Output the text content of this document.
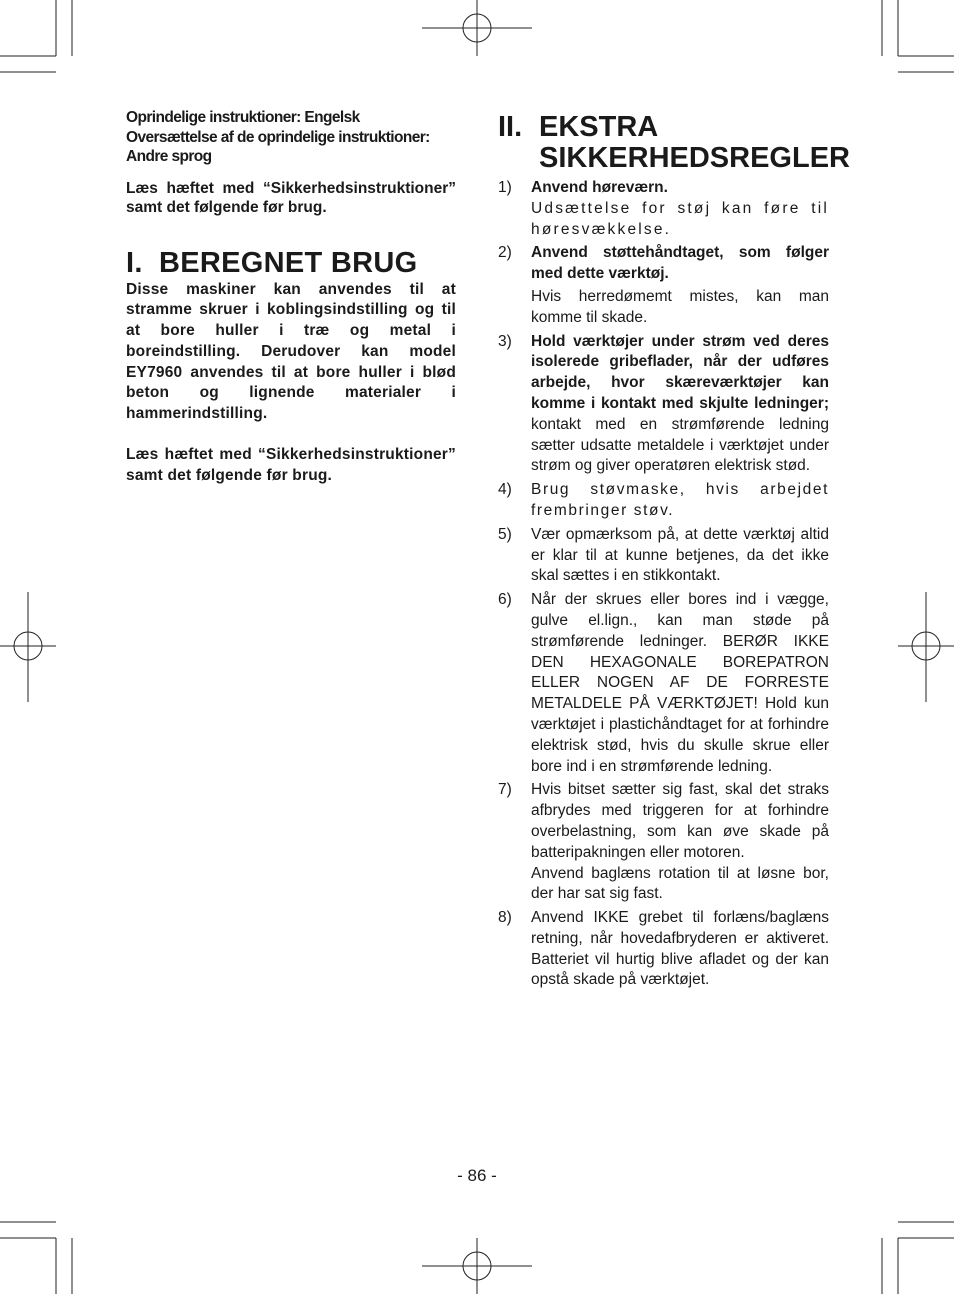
Oprindelige instruktioner: Engelsk

Oversættelse af de oprindelige instruktioner:

Andre sprog

Læs hæftet med “Sikkerhedsinstruktioner” samt det følgende før brug.

I. BEREGNET BRUG

Disse maskiner kan anvendes til at stramme skruer i koblingsindstilling og til at bore huller i træ og metal i boreindstilling. Derudover kan model EY7960 anvendes til at bore huller i blød beton og lignende materialer i hammerindstilling.

Læs hæftet med “Sikkerhedsinstruktioner” samt det følgende før brug.

II. EKSTRA
SIKKERHEDSREGLER
1)	Anvend høreværn.
Udsættelse for støj kan føre til høresvækkelse.
2)	Anvend støttehåndtaget, som følger med dette værktøj.
Hvis herredømemt mistes, kan man komme til skade.
3)	Hold værktøjer under strøm ved deres isolerede gribeflader, når der udføres arbejde, hvor skæreværktøjer kan komme i kontakt med skjulte ledninger; kontakt med en strømførende ledning sætter udsatte metaldele i værktøjet under strøm og giver operatøren elektrisk stød.
4)	Brug støvmaske, hvis arbejdet frembringer støv.
5)	Vær opmærksom på, at dette værktøj altid er klar til at kunne betjenes, da det ikke skal sættes i en stikkontakt.
6)	Når der skrues eller bores ind i vægge, gulve el.lign., kan man støde på strømførende ledninger. BERØR IKKE DEN HEXAGONALE BOREPATRON ELLER NOGEN AF DE FORRESTE METALDELE PÅ VÆRKTØJET! Hold kun værktøjet i plastichåndtaget for at forhindre elektrisk stød, hvis du skulle skrue eller bore ind i en strømførende ledning.
7)	Hvis bitset sætter sig fast, skal det straks afbrydes med triggeren for at forhindre overbelastning, som kan øve skade på batteripakningen eller motoren.
Anvend baglæns rotation til at løsne bor, der har sat sig fast.
8)	Anvend IKKE grebet til forlæns/baglæns retning, når hovedafbryderen er aktiveret. Batteriet vil hurtig blive afladet og der kan opstå skade på værktøjet.
- 86 -
